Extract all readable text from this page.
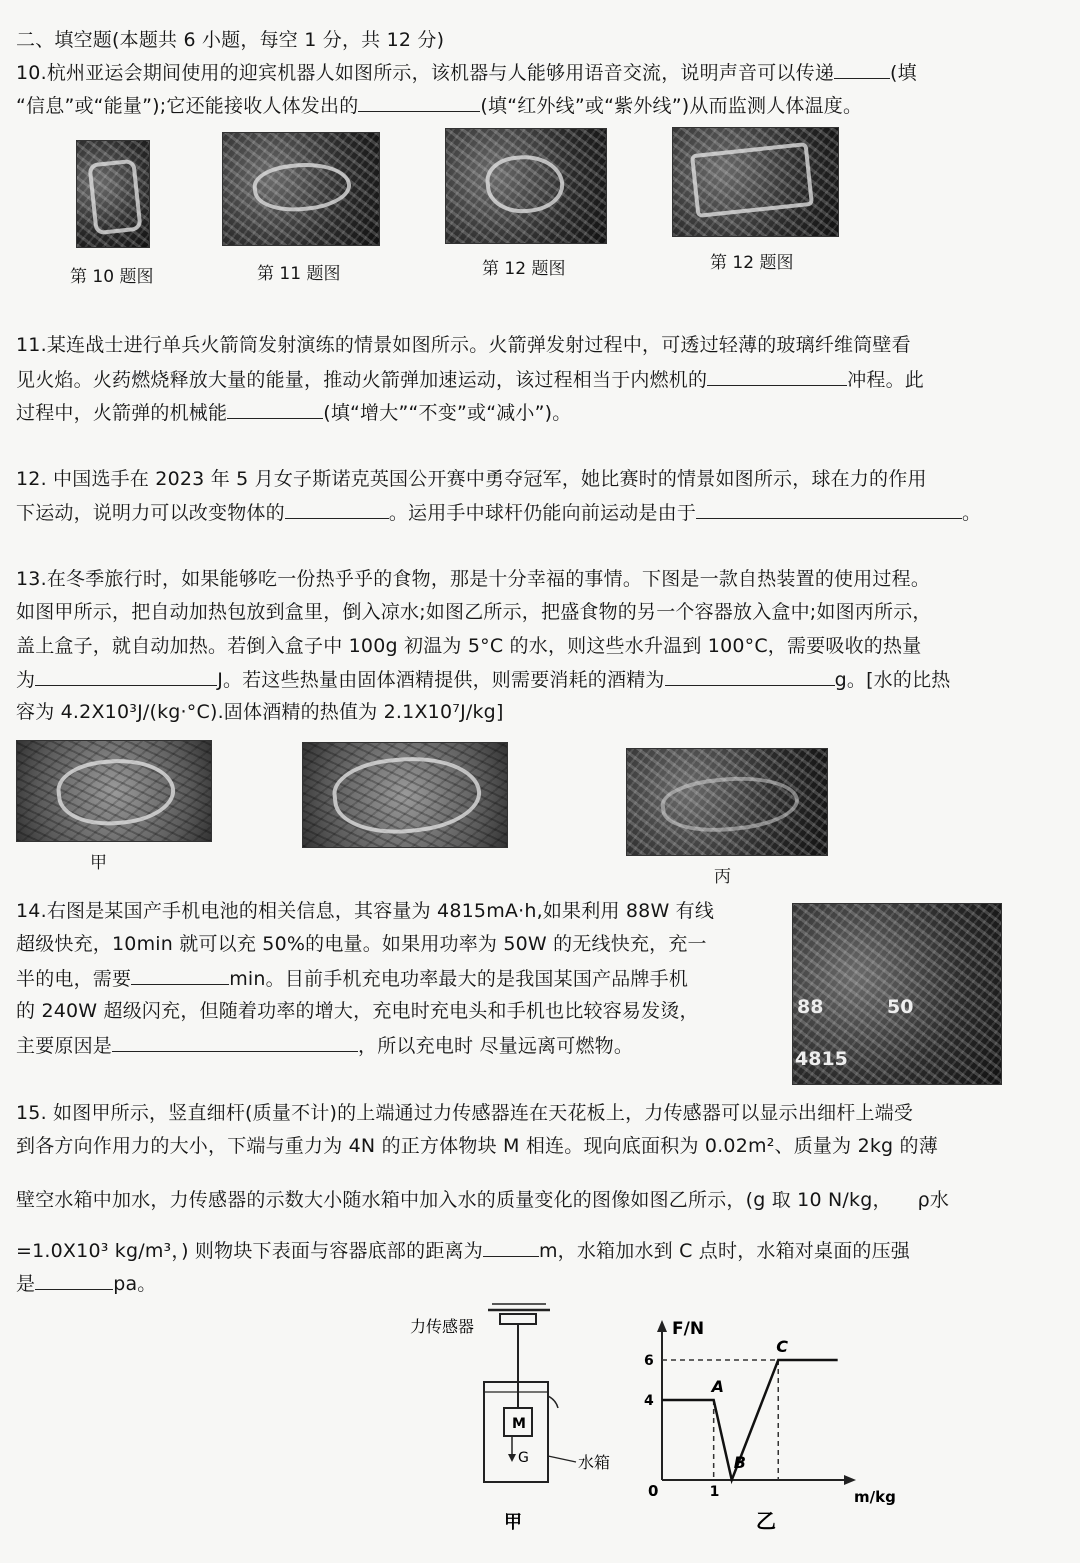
二、填空题(本题共 6 小题，每空 1 分，共 12 分)
10.杭州亚运会期间使用的迎宾机器人如图所示，该机器与人能够用语音交流，说明声音可以传递	(填
“信息”或“能量”);它还能接收人体发出的	(填“红外线”或“紫外线”)从而监测人体温度。
第 10 题图	第 11 题图	第 12 题图	第 12 题图
11.某连战士进行单兵火箭筒发射演练的情景如图所示。火箭弹发射过程中，可透过轻薄的玻璃纤维筒壁看
见火焰。火药燃烧释放大量的能量，推动火箭弹加速运动，该过程相当于内燃机的	冲程。此
过程中，火箭弹的机械能	(填“增大”“不变”或“减小”)。
12. 中国选手在 2023 年 5 月女子斯诺克英国公开赛中勇夺冠军，她比赛时的情景如图所示，球在力的作用
下运动，说明力可以改变物体的	。运用手中球杆仍能向前运动是由于	。
13.在冬季旅行时，如果能够吃一份热乎乎的食物，那是十分幸福的事情。下图是一款自热装置的使用过程。
如图甲所示，把自动加热包放到盒里，倒入凉水;如图乙所示，把盛食物的另一个容器放入盒中;如图丙所示，
盖上盒子，就自动加热。若倒入盒子中 100g 初温为 5°C 的水，则这些水升温到 100°C，需要吸收的热量
为	J。若这些热量由固体酒精提供，则需要消耗的酒精为	g。[水的比热
容为 4.2X10³J/(kg·°C).固体酒精的热值为 2.1X10⁷J/kg]
甲
丙
14.右图是某国产手机电池的相关信息，其容量为 4815mA·h,如果利用 88W 有线
超级快充，10min 就可以充 50%的电量。如果用功率为 50W 的无线快充，充一
半的电，需要	min。目前手机充电功率最大的是我国某国产品牌手机
的 240W 超级闪充，但随着功率的增大，充电时充电头和手机也比较容易发烫，
主要原因是	，所以充电时 尽量远离可燃物。
88	50
4815
15. 如图甲所示，竖直细杆(质量不计)的上端通过力传感器连在天花板上，力传感器可以显示出细杆上端受
到各方向作用力的大小，下端与重力为 4N 的正方体物块 M 相连。现向底面积为 0.02m²、质量为 2kg 的薄
壁空水箱中加水，力传感器的示数大小随水箱中加入水的质量变化的图像如图乙所示，(g 取 10 N/kg， ρ水
=1.0X10³ kg/m³，) 则物块下表面与容器底部的距离为	m，水箱加水到 C 点时，水箱对桌面的压强
是	pa。
力传感器
M
G	水箱
甲
F/N
m/kg
0
4
6
1
A
B
C
乙
